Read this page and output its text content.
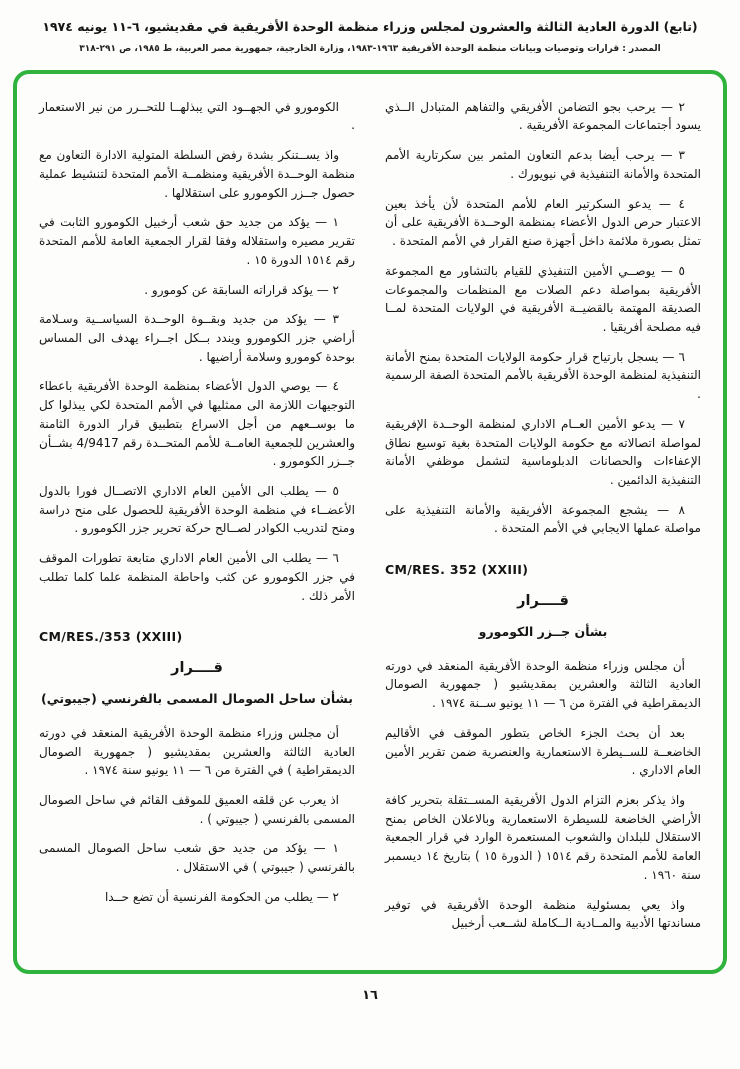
(تابع) الدورة العادية الثالثة والعشرون لمجلس وزراء منظمة الوحدة الأفريقية في مقديشيو، ٦-١١ يونيه ١٩٧٤
المصدر : قرارات وتوصيات وبيانات منظمة الوحدة الأفريقية ١٩٦٣-١٩٨٣، وزارة الخارجية، جمهورية مصر العربية، ط ١٩٨٥، ص ٢٩١-٣١٨
٢ — يرحب بجو التضامن الأفريقي والتفاهم المتبادل الــذي يسود أجتماعات المجموعة الأفريقية .
٣ — يرحب أيضا بدعم التعاون المثمر بين سكرتارية الأمم المتحدة والأمانة التنفيذية في نيويورك .
٤ — يدعو السكرتير العام للأمم المتحدة لأن يأخذ بعين الاعتبار حرص الدول الأعضاء بمنظمة الوحــدة الأفريقية على أن تمثل بصورة ملائمة داخل أجهزة صنع القرار في الأمم المتحدة .
٥ — يوصــي الأمين التنفيذي للقيام بالتشاور مع المجموعة الأفريقية بمواصلة دعم الصلات مع المنظمات والمجموعات الصديقة المهتمة بالقضيــة الأفريقية في الولايات المتحدة لمــا فيه مصلحة أفريقيا .
٦ — يسجل بارتياح قرار حكومة الولايات المتحدة بمنح الأمانة التنفيذية لمنظمة الوحدة الأفريقية بالأمم المتحدة الصفة الرسمية .
٧ — يدعو الأمين العــام الاداري لمنظمة الوحــدة الإفريقية لمواصلة اتصالاته مع حكومة الولايات المتحدة بغية توسيع نطاق الإعفاءات والحصانات الدبلوماسية لتشمل موظفي الأمانة التنفيذية الدائمين .
٨ — يشجع المجموعة الأفريقية والأمانة التنفيذية على مواصلة عملها الايجابي في الأمم المتحدة .
CM/RES. 352 (XXIII)
قــــرار
بشأن جــزر الكومورو
أن مجلس وزراء منظمة الوحدة الأفريقية المنعقد في دورته العادية الثالثة والعشرين بمقديشيو ( جمهورية الصومال الديمقراطية في الفترة من ٦ — ١١ يونيو ســنة ١٩٧٤ .
بعد أن بحث الجزء الخاص بتطور الموقف في الأقاليم الخاضعــة للســيطرة الاستعمارية والعنصرية ضمن تقرير الأمين العام الاداري .
واذ يذكر بعزم التزام الدول الأفريقية المســتقلة بتحرير كافة الأراضي الخاضعة للسيطرة الاستعمارية وبالاعلان الخاص بمنح الاستقلال للبلدان والشعوب المستعمرة الوارد في قرار الجمعية العامة للأمم المتحدة رقم ١٥١٤ ( الدورة ١٥ ) بتاريخ ١٤ ديسمبر سنة ١٩٦٠ .
واذ يعي بمسئولية منظمة الوحدة الأفريقية في توفير مساندتها الأدبية والمــادية الــكاملة لشــعب أرخبيل
الكومورو في الجهــود التي يبذلهــا للتحــرر من نير الاستعمار .
واذ يســتنكر بشدة رفض السلطة المتولية الادارة التعاون مع منظمة الوحــدة الأفريقية ومنظمــة الأمم المتحدة لتنشيط عملية حصول جــزر الكومورو على استقلالها .
١ — يؤكد من جديد حق شعب أرخبيل الكومورو الثابت في تقرير مصيره واستقلاله وفقا لقرار الجمعية العامة للأمم المتحدة رقم ١٥١٤ الدورة ١٥ .
٢ — يؤكد قراراته السابقة عن كومورو .
٣ — يؤكد من جديد وبقــوة الوحــدة السياســية وسـلامة أراضي جزر الكومورو ويندد بــكل اجــراء يهدف الى المساس بوحدة كومورو وسلامة أراضيها .
٤ — يوصي الدول الأعضاء بمنظمة الوحدة الأفريقية باعطاء التوجيهات اللازمة الى ممثليها في الأمم المتحدة لكي يبذلوا كل ما بوســعهم من أجل الاسراع بتطبيق قرار الدورة الثامنة والعشرين للجمعية العامــة للأمم المتحــدة رقم 4/9417 بشــأن جــزر الكومورو .
٥ — يطلب الى الأمين العام الاداري الاتصــال فورا بالدول الأعضــاء في منظمة الوحدة الأفريقية للحصول على منح دراسة ومنح لتدريب الكوادر لصــالح حركة تحرير جزر الكومورو .
٦ — يطلب الى الأمين العام الاداري متابعة تطورات الموقف في جزر الكومورو عن كثب واحاطة المنظمة علما كلما تطلب الأمر ذلك .
CM/RES./353 (XXIII)
قــــرار
بشأن ساحل الصومال المسمى بالفرنسي (جيبوتي)
أن مجلس وزراء منظمة الوحدة الأفريقية المنعقد في دورته العادية الثالثة والعشرين بمقديشيو ( جمهورية الصومال الديمقراطية ) في الفترة من ٦ — ١١ يونيو سنة ١٩٧٤ .
اذ يعرب عن قلقه العميق للموقف القائم في ساحل الصومال المسمى بالفرنسي ( جيبوتي ) .
١ — يؤكد من جديد حق شعب ساحل الصومال المسمى بالفرنسي ( جيبوتي ) في الاستقلال .
٢ — يطلب من الحكومة الفرنسية أن تضع حــدا
١٦
